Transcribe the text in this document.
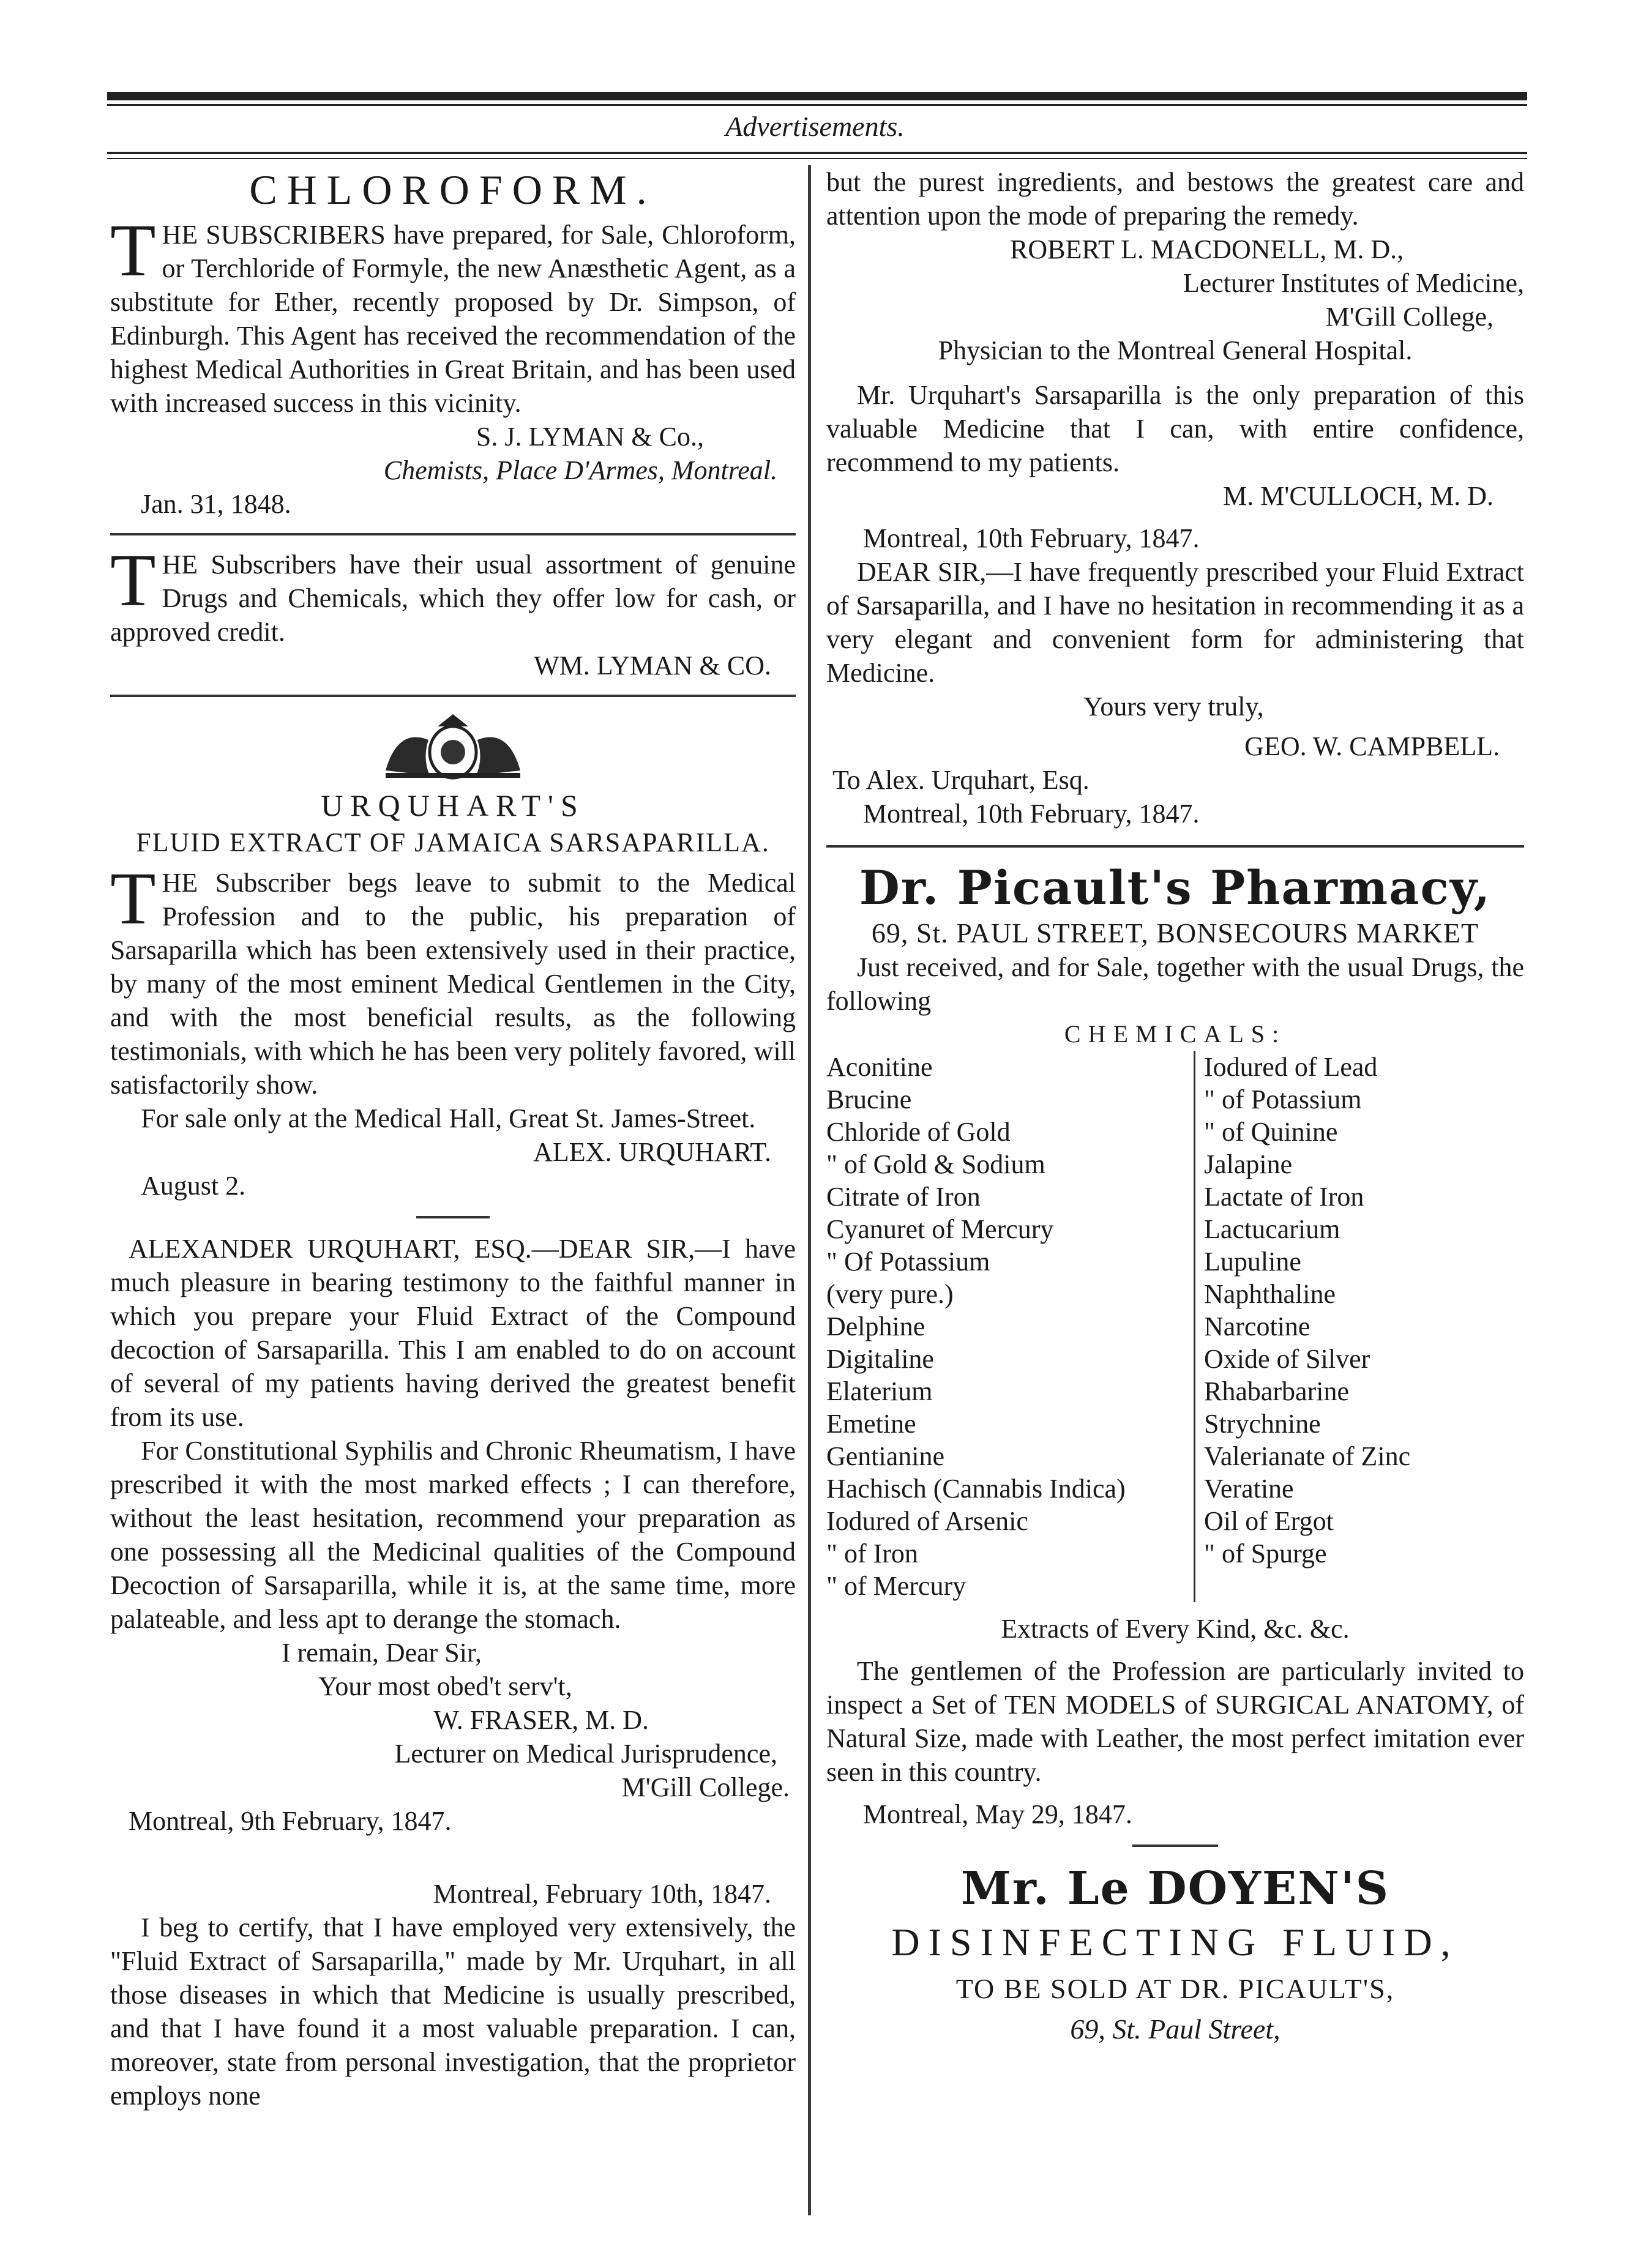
Advertisements.
CHLOROFORM.

THE SUBSCRIBERS have prepared, for Sale, Chloroform, or Terchloride of Formyle, the new Anæsthetic Agent, as a substitute for Ether, recently proposed by Dr. Simpson, of Edinburgh. This Agent has received the recommendation of the highest Medical Authorities in Great Britain, and has been used with increased success in this vicinity.

S. J. LYMAN & Co.,

Chemists, Place D'Armes, Montreal.

Jan. 31, 1848.

THE Subscribers have their usual assortment of genuine Drugs and Chemicals, which they offer low for cash, or approved credit.

WM. LYMAN & CO.

URQUHART'S
FLUID EXTRACT OF JAMAICA SARSAPARILLA.

THE Subscriber begs leave to submit to the Medical Profession and to the public, his preparation of Sarsaparilla which has been extensively used in their practice, by many of the most eminent Medical Gentlemen in the City, and with the most beneficial results, as the following testimonials, with which he has been very politely favored, will satisfactorily show.

For sale only at the Medical Hall, Great St. James-Street.

ALEX. URQUHART.

August 2.

ALEXANDER URQUHART, ESQ.—DEAR SIR,—I have much pleasure in bearing testimony to the faithful manner in which you prepare your Fluid Extract of the Compound decoction of Sarsaparilla. This I am enabled to do on account of several of my patients having derived the greatest benefit from its use.

For Constitutional Syphilis and Chronic Rheumatism, I have prescribed it with the most marked effects ; I can therefore, without the least hesitation, recommend your preparation as one possessing all the Medicinal qualities of the Compound Decoction of Sarsaparilla, while it is, at the same time, more palateable, and less apt to derange the stomach.

I remain, Dear Sir,

Your most obed't serv't,

W. FRASER, M. D.

Lecturer on Medical Jurisprudence,

M'Gill College.

Montreal, 9th February, 1847.

Montreal, February 10th, 1847.

I beg to certify, that I have employed very extensively, the "Fluid Extract of Sarsaparilla," made by Mr. Urquhart, in all those diseases in which that Medicine is usually prescribed, and that I have found it a most valuable preparation. I can, moreover, state from personal investigation, that the proprietor employs none

but the purest ingredients, and bestows the greatest care and attention upon the mode of preparing the remedy.

ROBERT L. MACDONELL, M. D.,

Lecturer Institutes of Medicine,

M'Gill College,

Physician to the Montreal General Hospital.

Mr. Urquhart's Sarsaparilla is the only preparation of this valuable Medicine that I can, with entire confidence, recommend to my patients.

M. M'CULLOCH, M. D.

Montreal, 10th February, 1847.

DEAR SIR,—I have frequently prescribed your Fluid Extract of Sarsaparilla, and I have no hesitation in recommending it as a very elegant and convenient form for administering that Medicine.

Yours very truly,

GEO. W. CAMPBELL.

To Alex. Urquhart, Esq.

Montreal, 10th February, 1847.

Dr. Picault's Pharmacy,
69, St. PAUL STREET, BONSECOURS MARKET

Just received, and for Sale, together with the usual Drugs, the following

CHEMICALS:
Aconitine
Brucine
Chloride of Gold
" of Gold & Sodium
Citrate of Iron
Cyanuret of Mercury
" Of Potassium
(very pure.)
Delphine
Digitaline
Elaterium
Emetine
Gentianine
Hachisch (Cannabis Indica)
Iodured of Arsenic
" of Iron
" of Mercury
Iodured of Lead
" of Potassium
" of Quinine
Jalapine
Lactate of Iron
Lactucarium
Lupuline
Naphthaline
Narcotine
Oxide of Silver
Rhabarbarine
Strychnine
Valerianate of Zinc
Veratine
Oil of Ergot
" of Spurge

Extracts of Every Kind, &c. &c.

The gentlemen of the Profession are particularly invited to inspect a Set of TEN MODELS of SURGICAL ANATOMY, of Natural Size, made with Leather, the most perfect imitation ever seen in this country.

Montreal, May 29, 1847.

Mr. Le DOYEN'S
DISINFECTING FLUID,
TO BE SOLD AT DR. PICAULT'S,
69, St. Paul Street,
